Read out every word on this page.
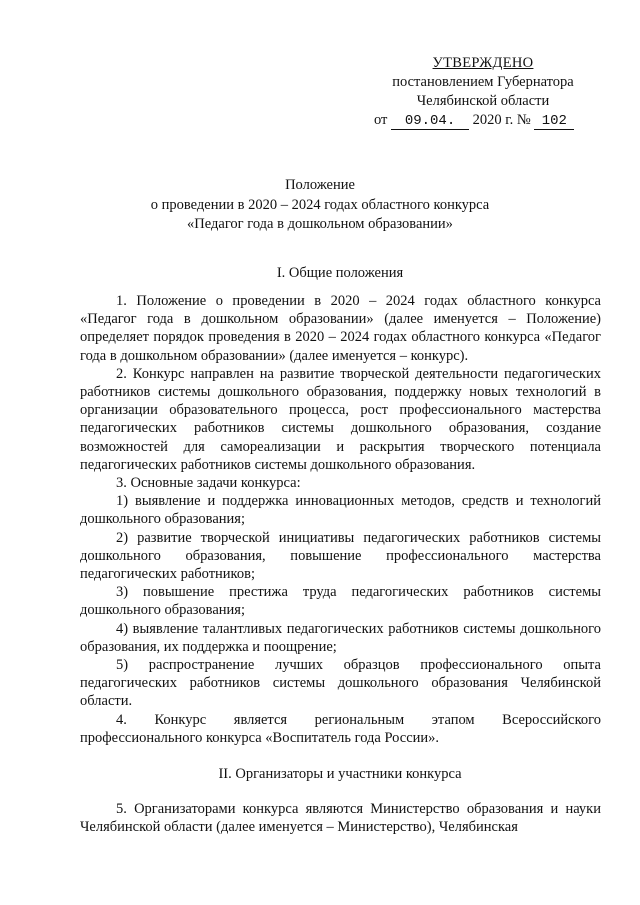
УТВЕРЖДЕНО
постановлением Губернатора
Челябинской области
от 09.04. 2020 г. № 102
Положение
о проведении в 2020 – 2024 годах областного конкурса
«Педагог года в дошкольном образовании»
I. Общие положения

1. Положение о проведении в 2020 – 2024 годах областного конкурса «Педагог года в дошкольном образовании» (далее именуется – Положение) определяет порядок проведения в 2020 – 2024 годах областного конкурса «Педагог года в дошкольном образовании» (далее именуется – конкурс).

2. Конкурс направлен на развитие творческой деятельности педагогических работников системы дошкольного образования, поддержку новых технологий в организации образовательного процесса, рост профессионального мастерства педагогических работников системы дошкольного образования, создание возможностей для самореализации и раскрытия творческого потенциала педагогических работников системы дошкольного образования.

3. Основные задачи конкурса:

1) выявление и поддержка инновационных методов, средств и технологий дошкольного образования;

2) развитие творческой инициативы педагогических работников системы дошкольного образования, повышение профессионального мастерства педагогических работников;

3) повышение престижа труда педагогических работников системы дошкольного образования;

4) выявление талантливых педагогических работников системы дошкольного образования, их поддержка и поощрение;

5) распространение лучших образцов профессионального опыта педагогических работников системы дошкольного образования Челябинской области.

4. Конкурс является региональным этапом Всероссийского профессионального конкурса «Воспитатель года России».

II. Организаторы и участники конкурса

5. Организаторами конкурса являются Министерство образования и науки Челябинской области (далее именуется – Министерство), Челябинская
